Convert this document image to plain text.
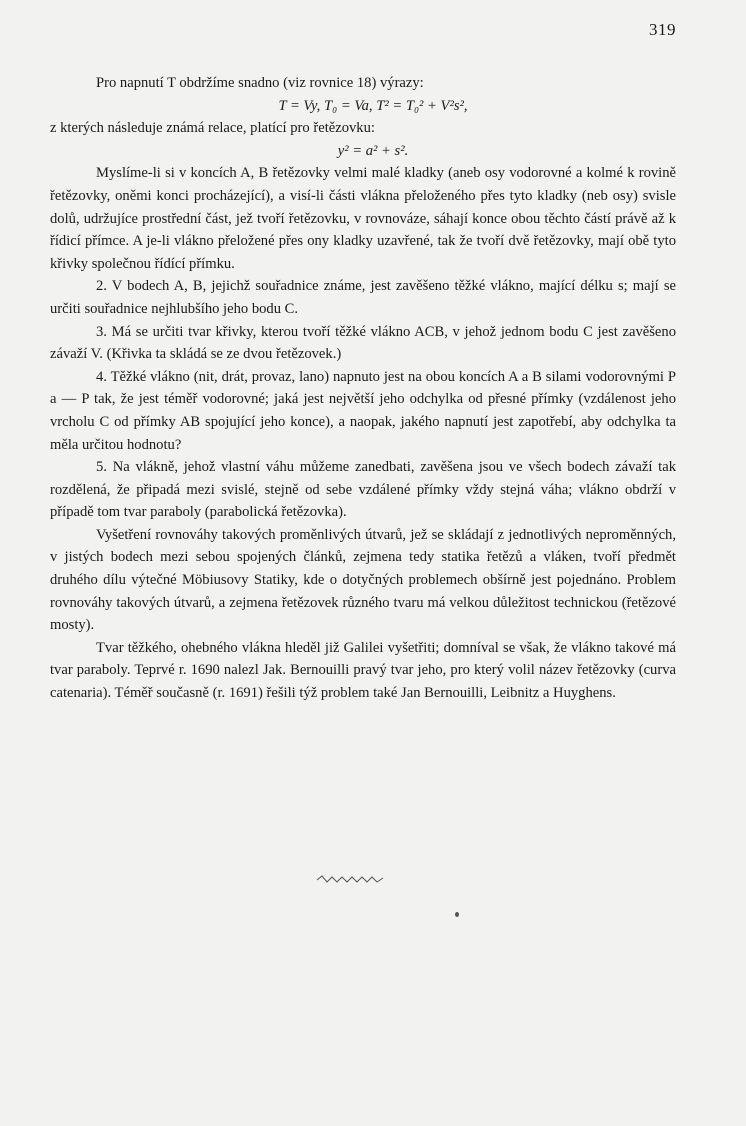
319

Pro napnutí T obdržíme snadno (viz rovnice 18) výrazy:

T = Vy, T₀ = Va, T² = T₀² + V²s²,

z kterých následuje známá relace, platící pro řetězovku:

y² = a² + s².

Myslíme-li si v koncích A, B řetězovky velmi malé kladky (aneb osy vodorovné a kolmé k rovině řetězovky, oněmi konci procházející), a visí-li části vlákna přeloženého přes tyto kladky (neb osy) svisle dolů, udržujíce prostřední část, jež tvoří řetězovku, v rovnováze, sáhají konce obou těchto částí právě až k řídicí přímce. A je-li vlákno přeložené přes ony kladky uzavřené, tak že tvoří dvě řetězovky, mají obě tyto křivky společnou řídící přímku.

2. V bodech A, B, jejichž souřadnice známe, jest zavěšeno těžké vlákno, mající délku s; mají se určiti souřadnice nejhlubšího jeho bodu C.

3. Má se určiti tvar křivky, kterou tvoří těžké vlákno ACB, v jehož jednom bodu C jest zavěšeno závaží V. (Křivka ta skládá se ze dvou řetězovek.)

4. Těžké vlákno (nit, drát, provaz, lano) napnuto jest na obou koncích A a B silami vodorovnými P a — P tak, že jest téměř vodorovné; jaká jest největší jeho odchylka od přesné přímky (vzdálenost jeho vrcholu C od přímky AB spojující jeho konce), a naopak, jakého napnutí jest zapotřebí, aby odchylka ta měla určitou hodnotu?

5. Na vlákně, jehož vlastní váhu můžeme zanedbati, zavěšena jsou ve všech bodech závaží tak rozdělená, že připadá mezi svislé, stejně od sebe vzdálené přímky vždy stejná váha; vlákno obdrží v případě tom tvar paraboly (parabolická řetězovka).

Vyšetření rovnováhy takových proměnlivých útvarů, jež se skládají z jednotlivých neproměnných, v jistých bodech mezi sebou spojených článků, zejmena tedy statika řetězů a vláken, tvoří předmět druhého dílu výtečné Möbiusovy Statiky, kde o dotyčných problemech obšírně jest pojednáno. Problem rovnováhy takových útvarů, a zejmena řetězovek různého tvaru má velkou důležitost technickou (řetězové mosty).

Tvar těžkého, ohebného vlákna hleděl již Galilei vyšetřiti; domníval se však, že vlákno takové má tvar paraboly. Teprvé r. 1690 nalezl Jak. Bernouilli pravý tvar jeho, pro který volil název řetězovky (curva catenaria). Téměř současně (r. 1691) řešili týž problem také Jan Bernouilli, Leibnitz a Huyghens.
